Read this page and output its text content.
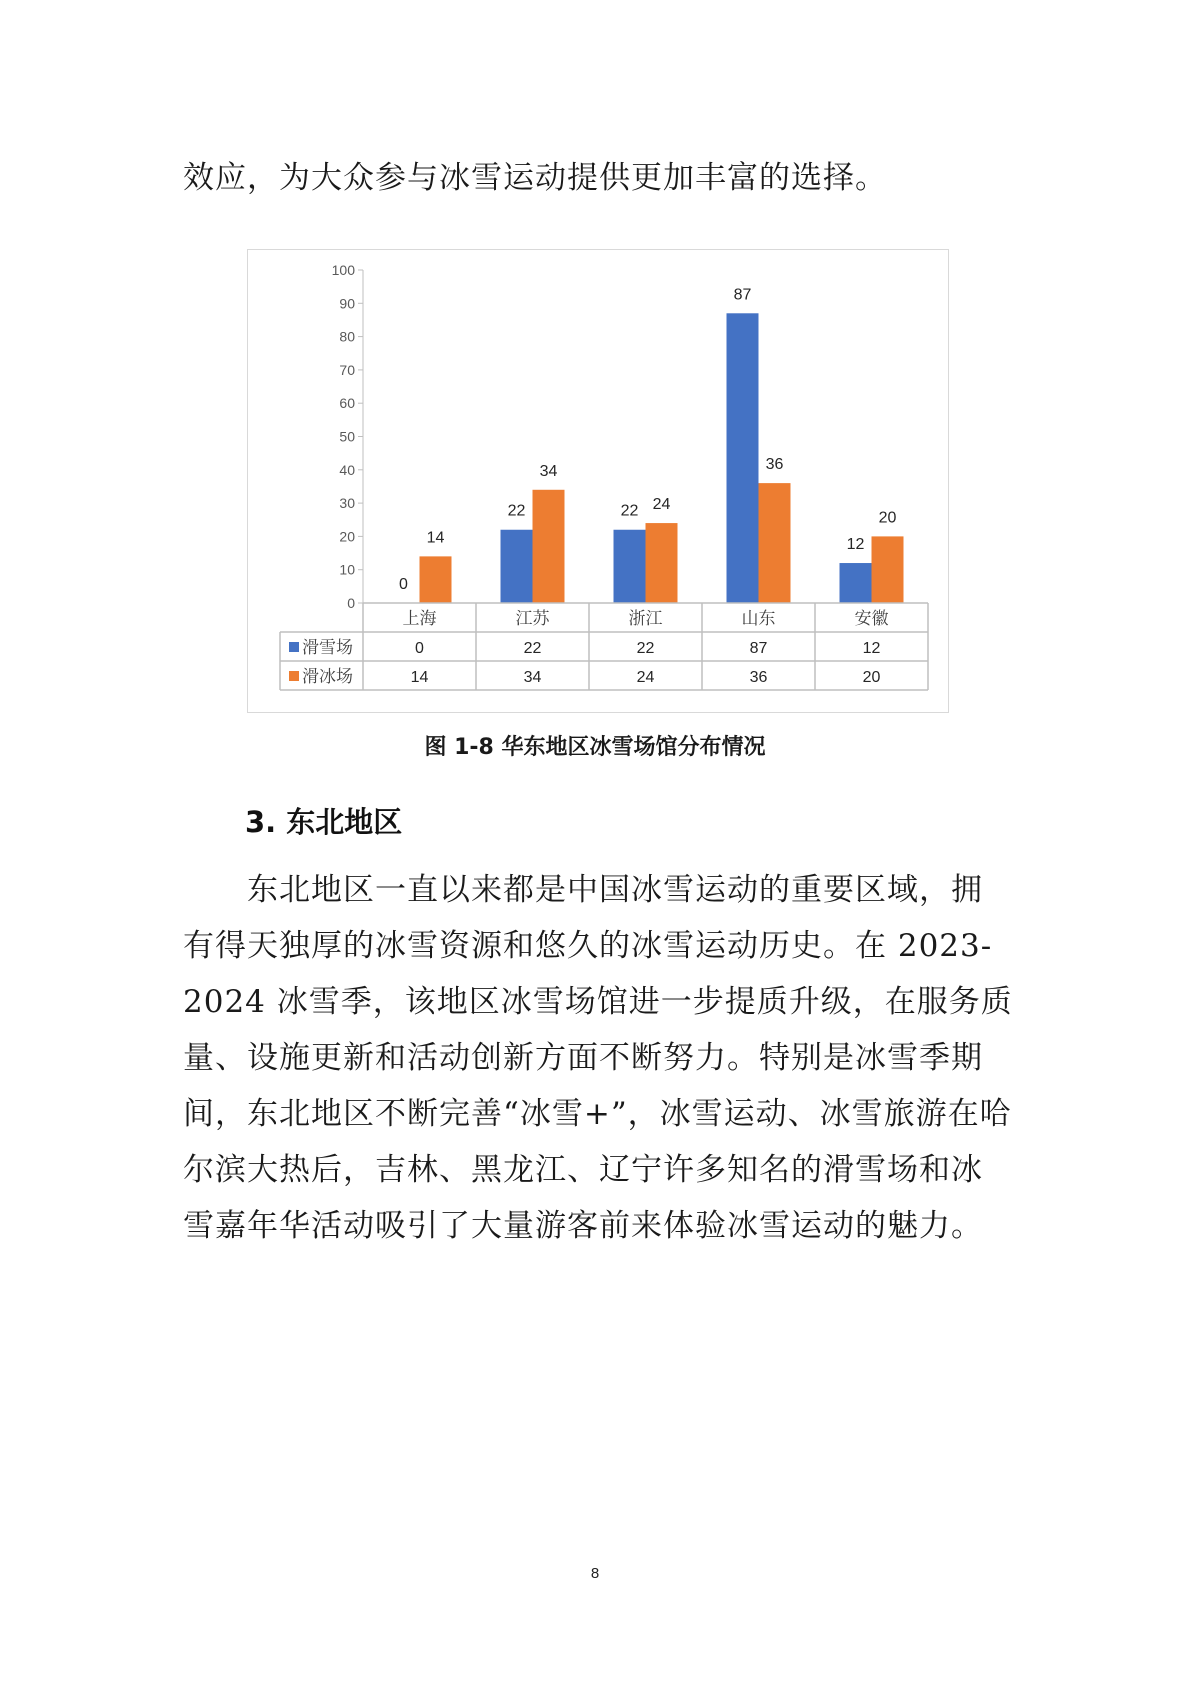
效应，为大众参与冰雪运动提供更加丰富的选择。

0
10
20
30
40
50
60
70
80
90
100
0
22	22
87
12
14
34
24
36
20
上海	江苏	浙江	山东	安徽
滑雪场	0	22	22	87	12
滑冰场	14	34	24	36	20
图 1-8 华东地区冰雪场馆分布情况
3. 东北地区

东北地区一直以来都是中国冰雪运动的重要区域，拥有得天独厚的冰雪资源和悠久的冰雪运动历史。在 2023-2024 冰雪季，该地区冰雪场馆进一步提质升级，在服务质量、设施更新和活动创新方面不断努力。特别是冰雪季期间，东北地区不断完善“冰雪+”，冰雪运动、冰雪旅游在哈尔滨大热后，吉林、黑龙江、辽宁许多知名的滑雪场和冰雪嘉年华活动吸引了大量游客前来体验冰雪运动的魅力。

8
